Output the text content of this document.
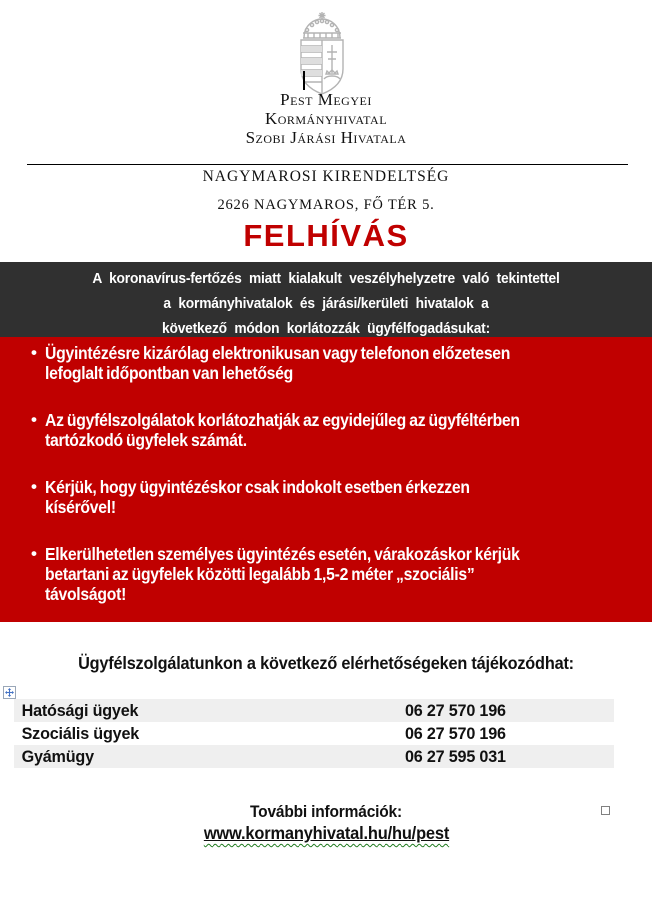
Pest Megyei
Kormányhivatal
Szobi Járási Hivatala
NAGYMAROSI KIRENDELTSÉG
2626 NAGYMAROS, FŐ TÉR 5.
FELHÍVÁS
A koronavírus-fertőzés miatt kialakult veszélyhelyzetre való tekintettel
a kormányhivatalok és járási/kerületi hivatalok a
következő módon korlátozzák ügyfélfogadásukat:
• Ügyintézésre kizárólag elektronikusan vagy telefonon előzetesen
lefoglalt időpontban van lehetőség
• Az ügyfélszolgálatok korlátozhatják az egyidejűleg az ügyféltérben
tartózkodó ügyfelek számát.
• Kérjük, hogy ügyintézéskor csak indokolt esetben érkezzen
kísérővel!
• Elkerülhetetlen személyes ügyintézés esetén, várakozáskor kérjük
betartani az ügyfelek közötti legalább 1,5-2 méter „szociális”
távolságot!
Ügyfélszolgálatunkon a következő elérhetőségeken tájékozódhat:
Hatósági ügyek	06 27 570 196
Szociális ügyek	06 27 570 196
Gyámügy	06 27 595 031
További információk:
www.kormanyhivatal.hu/hu/pest
